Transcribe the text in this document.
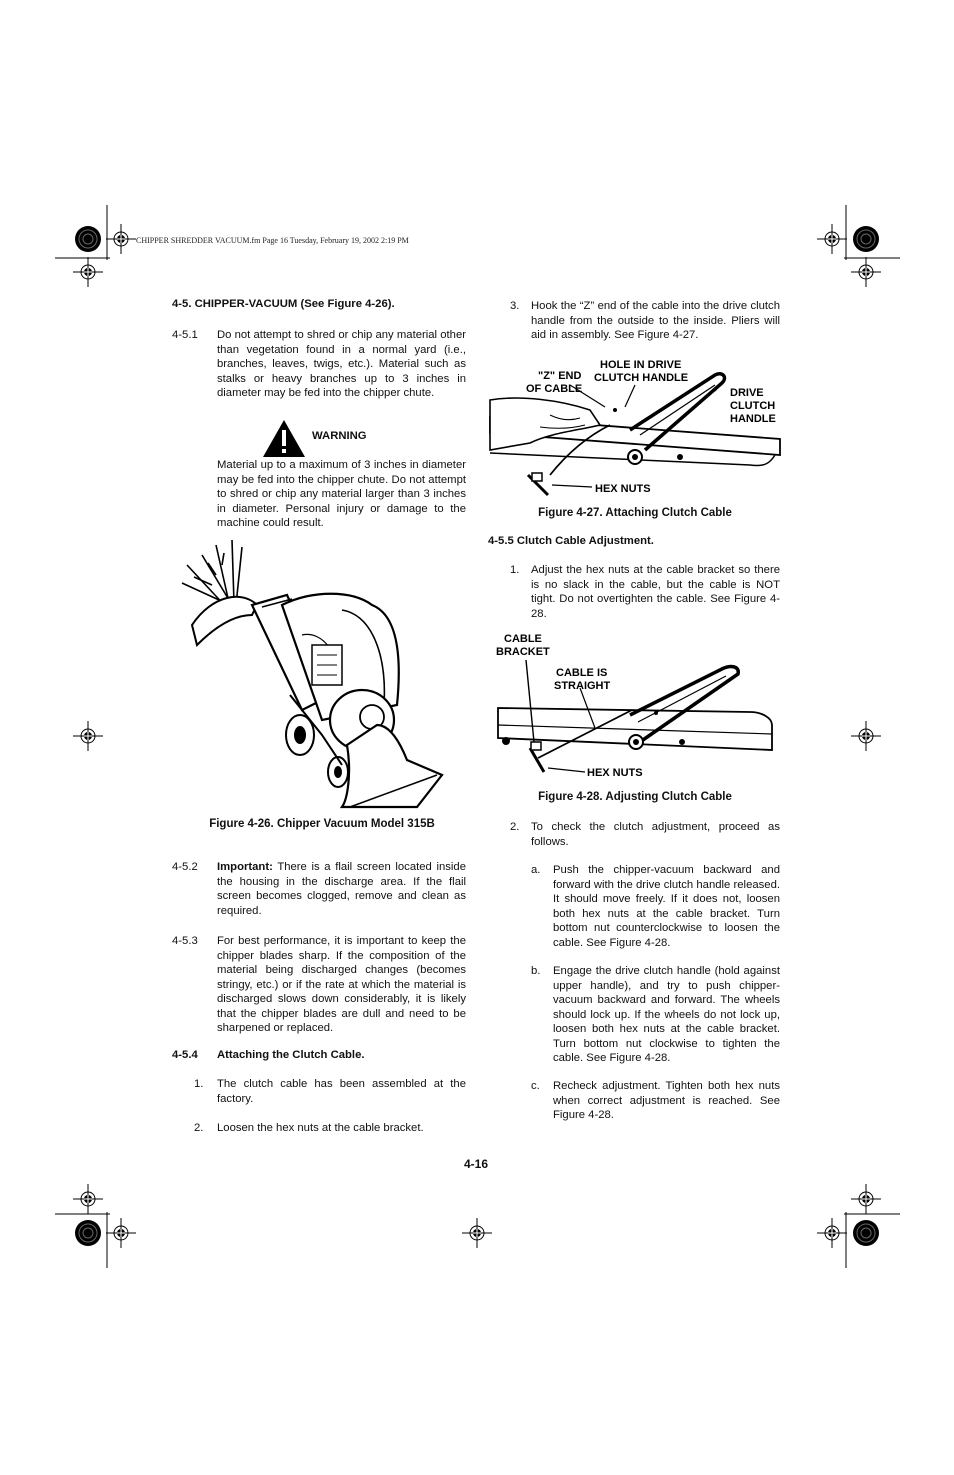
CHIPPER SHREDDER VACUUM.fm Page 16 Tuesday, February 19, 2002 2:19 PM
4-5. CHIPPER-VACUUM (See Figure 4-26).
4-5.1 Do not attempt to shred or chip any material other than vegetation found in a normal yard (i.e., branches, leaves, twigs, etc.). Material such as stalks or heavy branches up to 3 inches in diameter may be fed into the chipper chute.
WARNING
Material up to a maximum of 3 inches in diameter may be fed into the chipper chute. Do not attempt to shred or chip any material larger than 3 inches in diameter. Personal injury or damage to the machine could result.
Figure 4-26. Chipper Vacuum Model 315B
4-5.2 Important: There is a flail screen located inside the housing in the discharge area. If the flail screen becomes clogged, remove and clean as required.
4-5.3 For best performance, it is important to keep the chipper blades sharp. If the composition of the material being discharged changes (becomes stringy, etc.) or if the rate at which the material is discharged slows down considerably, it is likely that the chipper blades are dull and need to be sharpened or replaced.
4-5.4 Attaching the Clutch Cable.
1. The clutch cable has been assembled at the factory.
2. Loosen the hex nuts at the cable bracket.
3. Hook the “Z” end of the cable into the drive clutch handle from the outside to the inside. Pliers will aid in assembly. See Figure 4-27.
"Z" END
OF CABLE
HOLE IN DRIVE
CLUTCH HANDLE
DRIVE
CLUTCH
HANDLE
HEX NUTS
Figure 4-27. Attaching Clutch Cable
4-5.5 Clutch Cable Adjustment.
1. Adjust the hex nuts at the cable bracket so there is no slack in the cable, but the cable is NOT tight. Do not overtighten the cable. See Figure 4-28.
CABLE
BRACKET
CABLE IS
STRAIGHT
HEX NUTS
Figure 4-28. Adjusting Clutch Cable
2. To check the clutch adjustment, proceed as follows.
a. Push the chipper-vacuum backward and forward with the drive clutch handle released. It should move freely. If it does not, loosen both hex nuts at the cable bracket. Turn bottom nut counterclockwise to loosen the cable. See Figure 4-28.
b. Engage the drive clutch handle (hold against upper handle), and try to push chipper-vacuum backward and forward. The wheels should lock up. If the wheels do not lock up, loosen both hex nuts at the cable bracket. Turn bottom nut clockwise to tighten the cable. See Figure 4-28.
c. Recheck adjustment. Tighten both hex nuts when correct adjustment is reached. See Figure 4-28.
4-16
